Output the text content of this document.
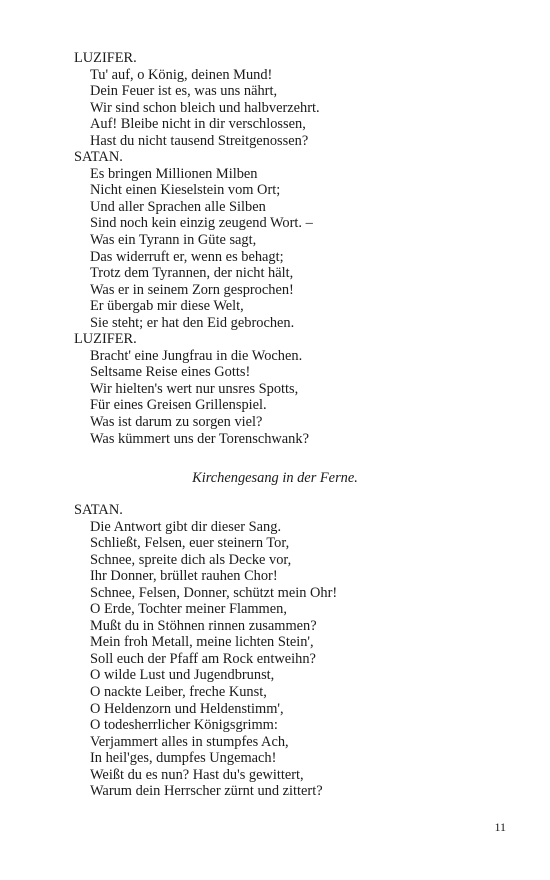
LUZIFER.
Tu' auf, o König, deinen Mund!
Dein Feuer ist es, was uns nährt,
Wir sind schon bleich und halbverzehrt.
Auf! Bleibe nicht in dir verschlossen,
Hast du nicht tausend Streitgenossen?
SATAN.
Es bringen Millionen Milben
Nicht einen Kieselstein vom Ort;
Und aller Sprachen alle Silben
Sind noch kein einzig zeugend Wort. –
Was ein Tyrann in Güte sagt,
Das widerruft er, wenn es behagt;
Trotz dem Tyrannen, der nicht hält,
Was er in seinem Zorn gesprochen!
Er übergab mir diese Welt,
Sie steht; er hat den Eid gebrochen.
LUZIFER.
Bracht' eine Jungfrau in die Wochen.
Seltsame Reise eines Gotts!
Wir hielten's wert nur unsres Spotts,
Für eines Greisen Grillenspiel.
Was ist darum zu sorgen viel?
Was kümmert uns der Torenschwank?
Kirchengesang in der Ferne.
SATAN.
Die Antwort gibt dir dieser Sang.
Schließt, Felsen, euer steinern Tor,
Schnee, spreite dich als Decke vor,
Ihr Donner, brüllet rauhen Chor!
Schnee, Felsen, Donner, schützt mein Ohr!
O Erde, Tochter meiner Flammen,
Mußt du in Stöhnen rinnen zusammen?
Mein froh Metall, meine lichten Stein',
Soll euch der Pfaff am Rock entweihn?
O wilde Lust und Jugendbrunst,
O nackte Leiber, freche Kunst,
O Heldenzorn und Heldenstimm',
O todesherrlicher Königsgrimm:
Verjammert alles in stumpfes Ach,
In heil'ges, dumpfes Ungemach!
Weißt du es nun? Hast du's gewittert,
Warum dein Herrscher zürnt und zittert?
11
